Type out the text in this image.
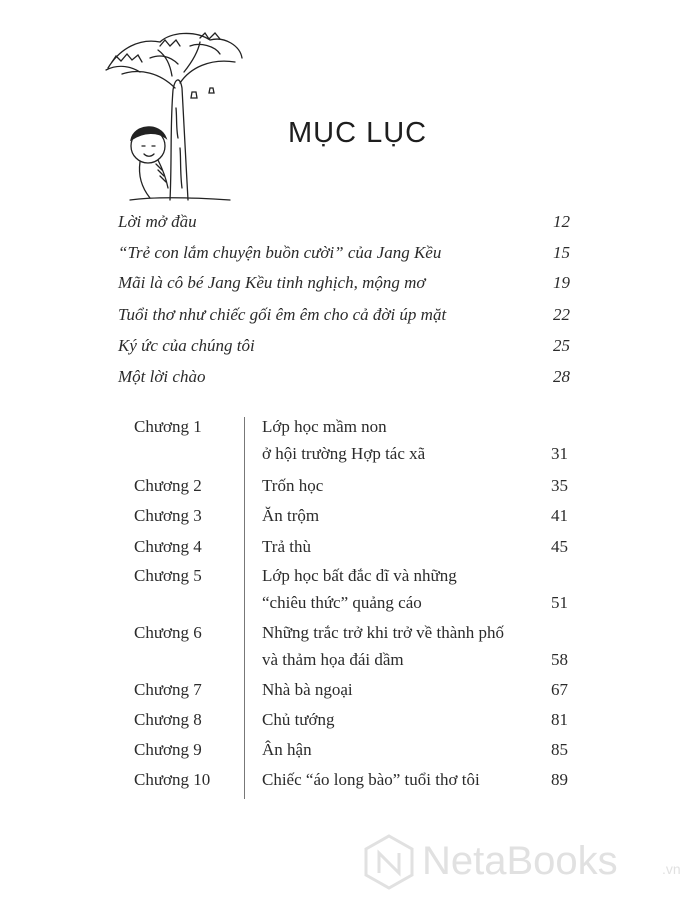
MỤC LỤC
Lời mở đầu	12
“Trẻ con lắm chuyện buồn cười” của Jang Kều	15
Mãi là cô bé Jang Kều tinh nghịch, mộng mơ	19
Tuổi thơ như chiếc gối êm êm cho cả đời úp mặt	22
Ký ức của chúng tôi	25
Một lời chào	28
Chương 1	Lớp học mầm non
ở hội trường Hợp tác xã	31
Chương 2	Trốn học	35
Chương 3	Ăn trộm	41
Chương 4	Trả thù	45
Chương 5	Lớp học bất đắc dĩ và những
“chiêu thức” quảng cáo	51
Chương 6	Những trắc trở khi trở về thành phố
và thảm họa đái dầm	58
Chương 7	Nhà bà ngoại	67
Chương 8	Chủ tướng	81
Chương 9	Ân hận	85
Chương 10	Chiếc “áo long bào” tuổi thơ tôi	89
NetaBooks	.vn
